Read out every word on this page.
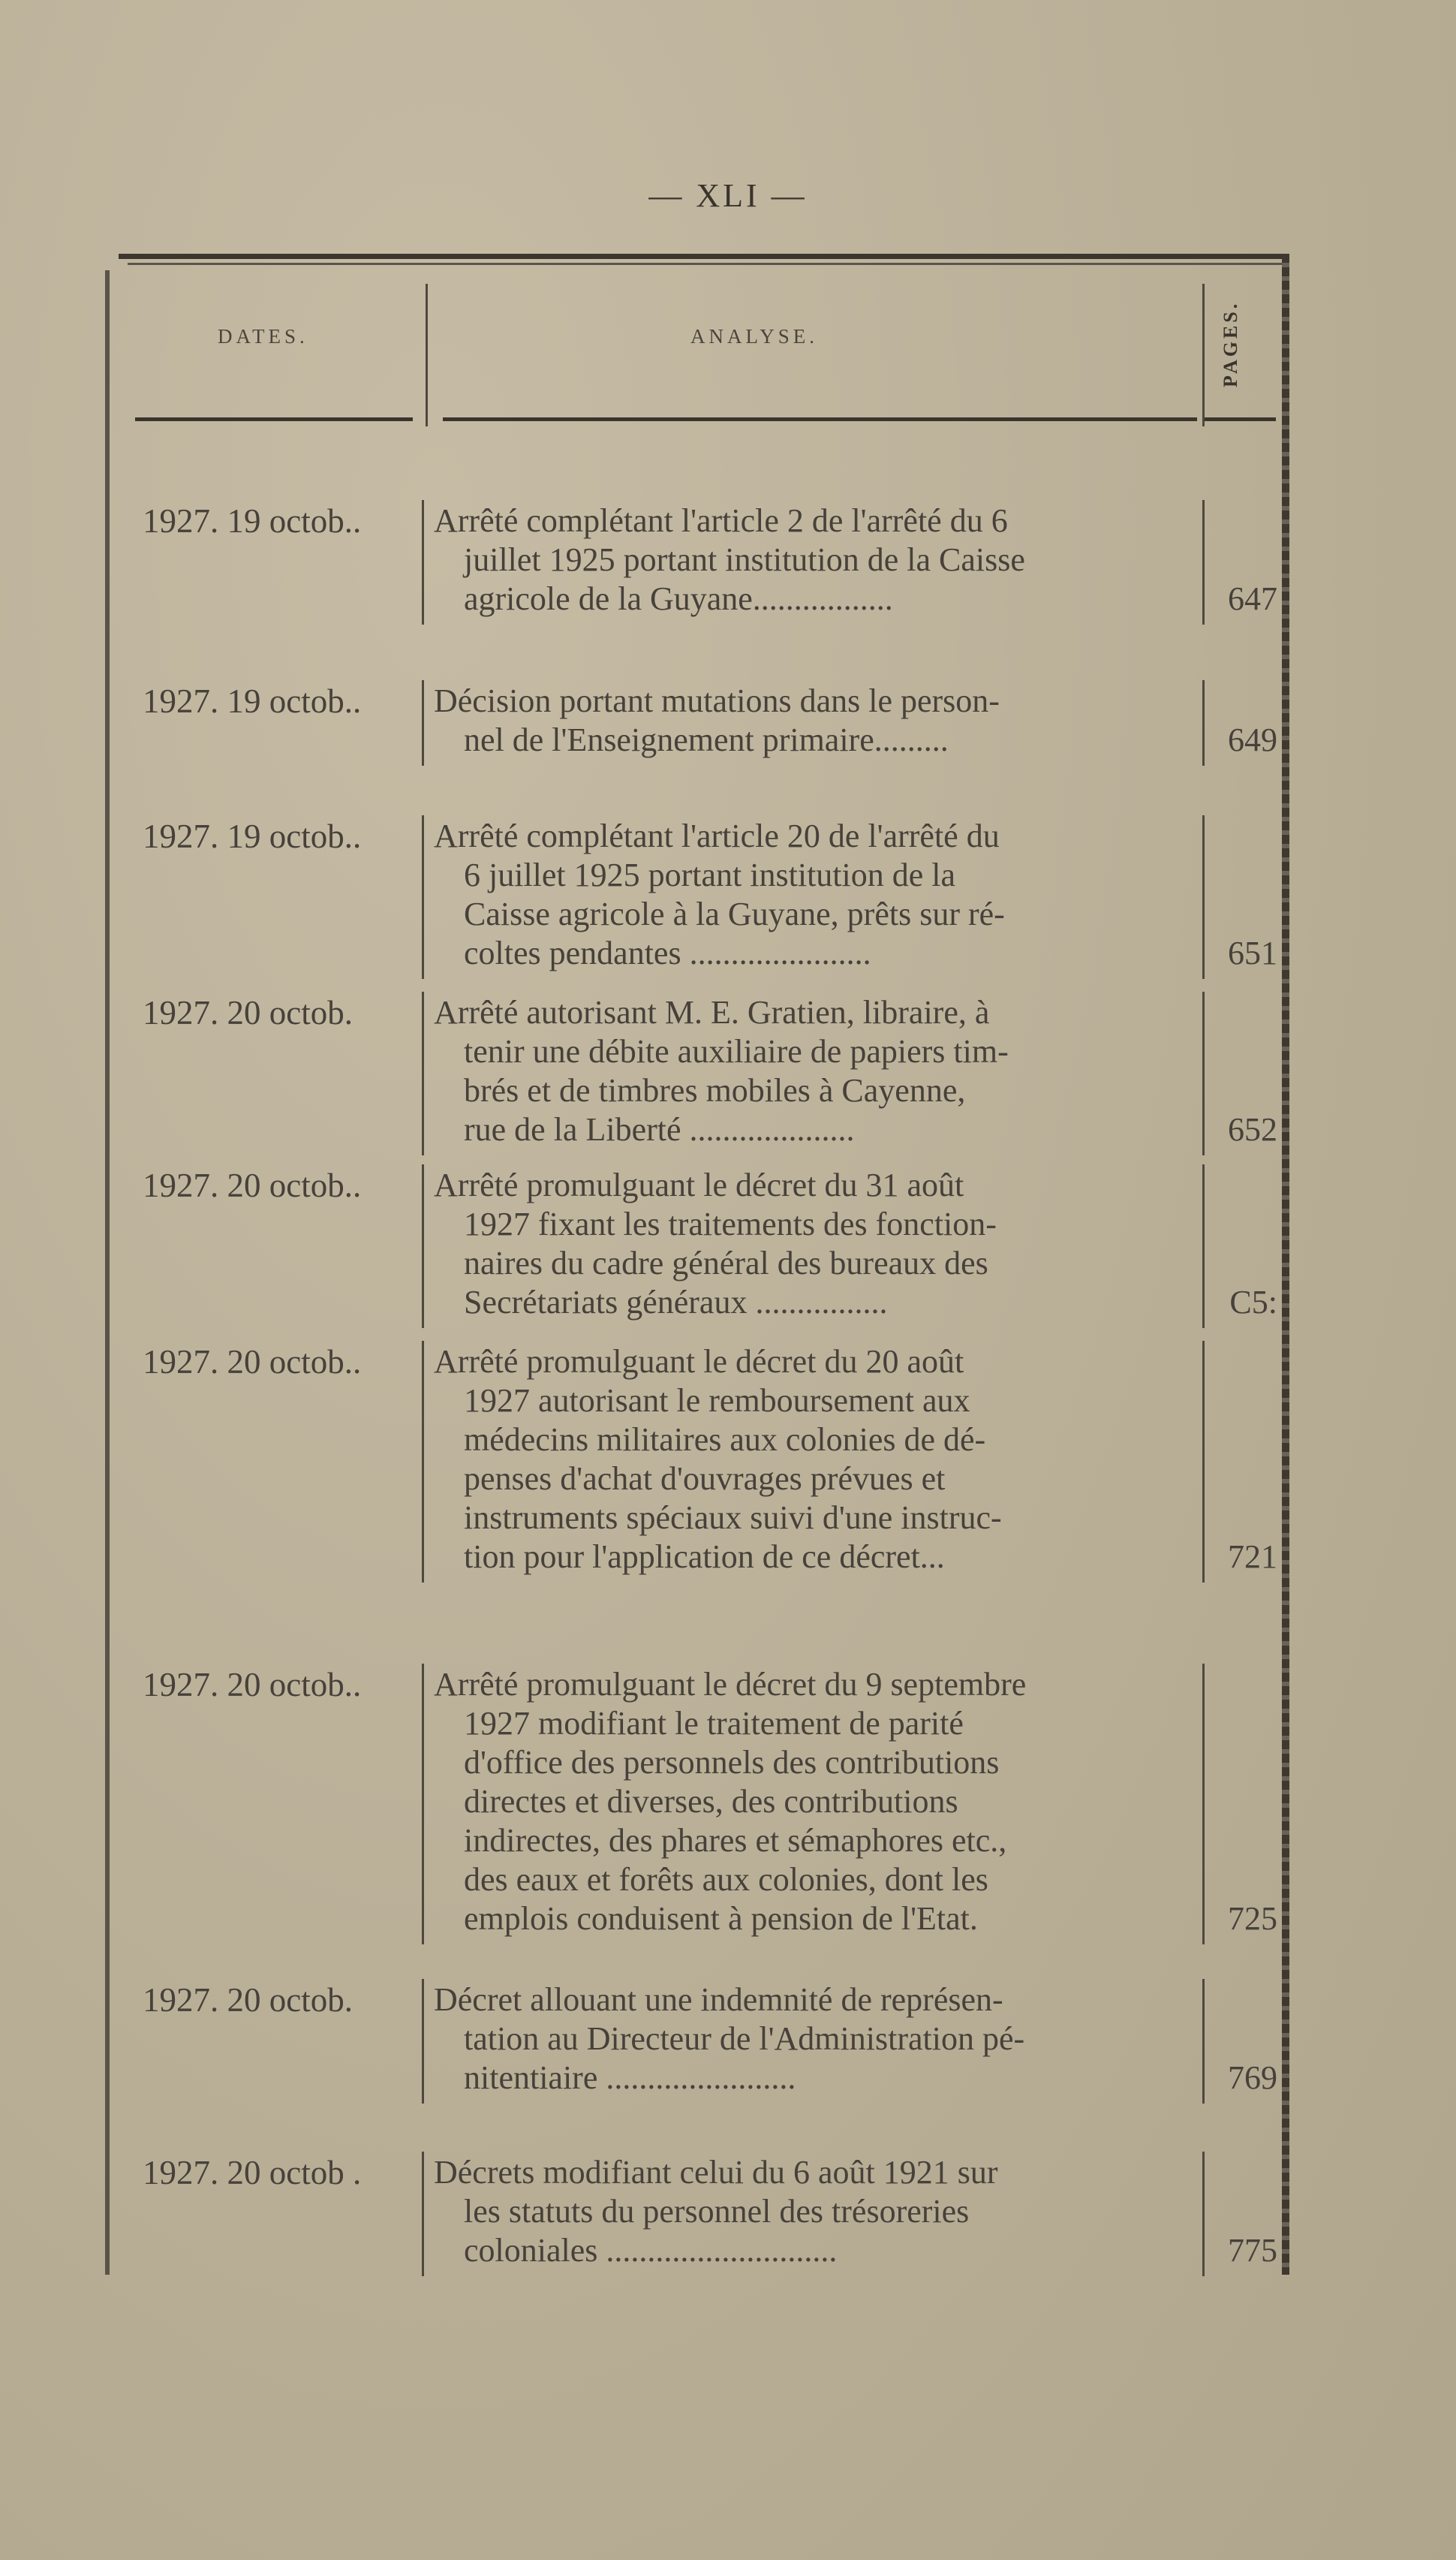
— XLI —
DATES.	ANALYSE.	PAGES.
1927. 19 octob..	Arrêté complétant l'article 2 de l'arrêté du 6
juillet 1925 portant institution de la Caisse
agricole de la Guyane.................	647
1927. 19 octob..	Décision portant mutations dans le person-
nel de l'Enseignement primaire.........	649
1927. 19 octob..	Arrêté complétant l'article 20 de l'arrêté du
6 juillet 1925 portant institution de la
Caisse agricole à la Guyane, prêts sur ré-
coltes pendantes ......................	651
1927. 20 octob.	Arrêté autorisant M. E. Gratien, libraire, à
tenir une débite auxiliaire de papiers tim-
brés et de timbres mobiles à Cayenne,
rue de la Liberté ....................	652
1927. 20 octob..	Arrêté promulguant le décret du 31 août
1927 fixant les traitements des fonction-
naires du cadre général des bureaux des
Secrétariats généraux ................	C5:
1927. 20 octob..	Arrêté promulguant le décret du 20 août
1927 autorisant le remboursement aux
médecins militaires aux colonies de dé-
penses d'achat d'ouvrages prévues et
instruments spéciaux suivi d'une instruc-
tion pour l'application de ce décret...	721
1927. 20 octob..	Arrêté promulguant le décret du 9 septembre
1927 modifiant le traitement de parité
d'office des personnels des contributions
directes et diverses, des contributions
indirectes, des phares et sémaphores etc.,
des eaux et forêts aux colonies, dont les
emplois conduisent à pension de l'Etat.	725
1927. 20 octob.	Décret allouant une indemnité de représen-
tation au Directeur de l'Administration pé-
nitentiaire .......................	769
1927. 20 octob .	Décrets modifiant celui du 6 août 1921 sur
les statuts du personnel des trésoreries
coloniales ............................	775
